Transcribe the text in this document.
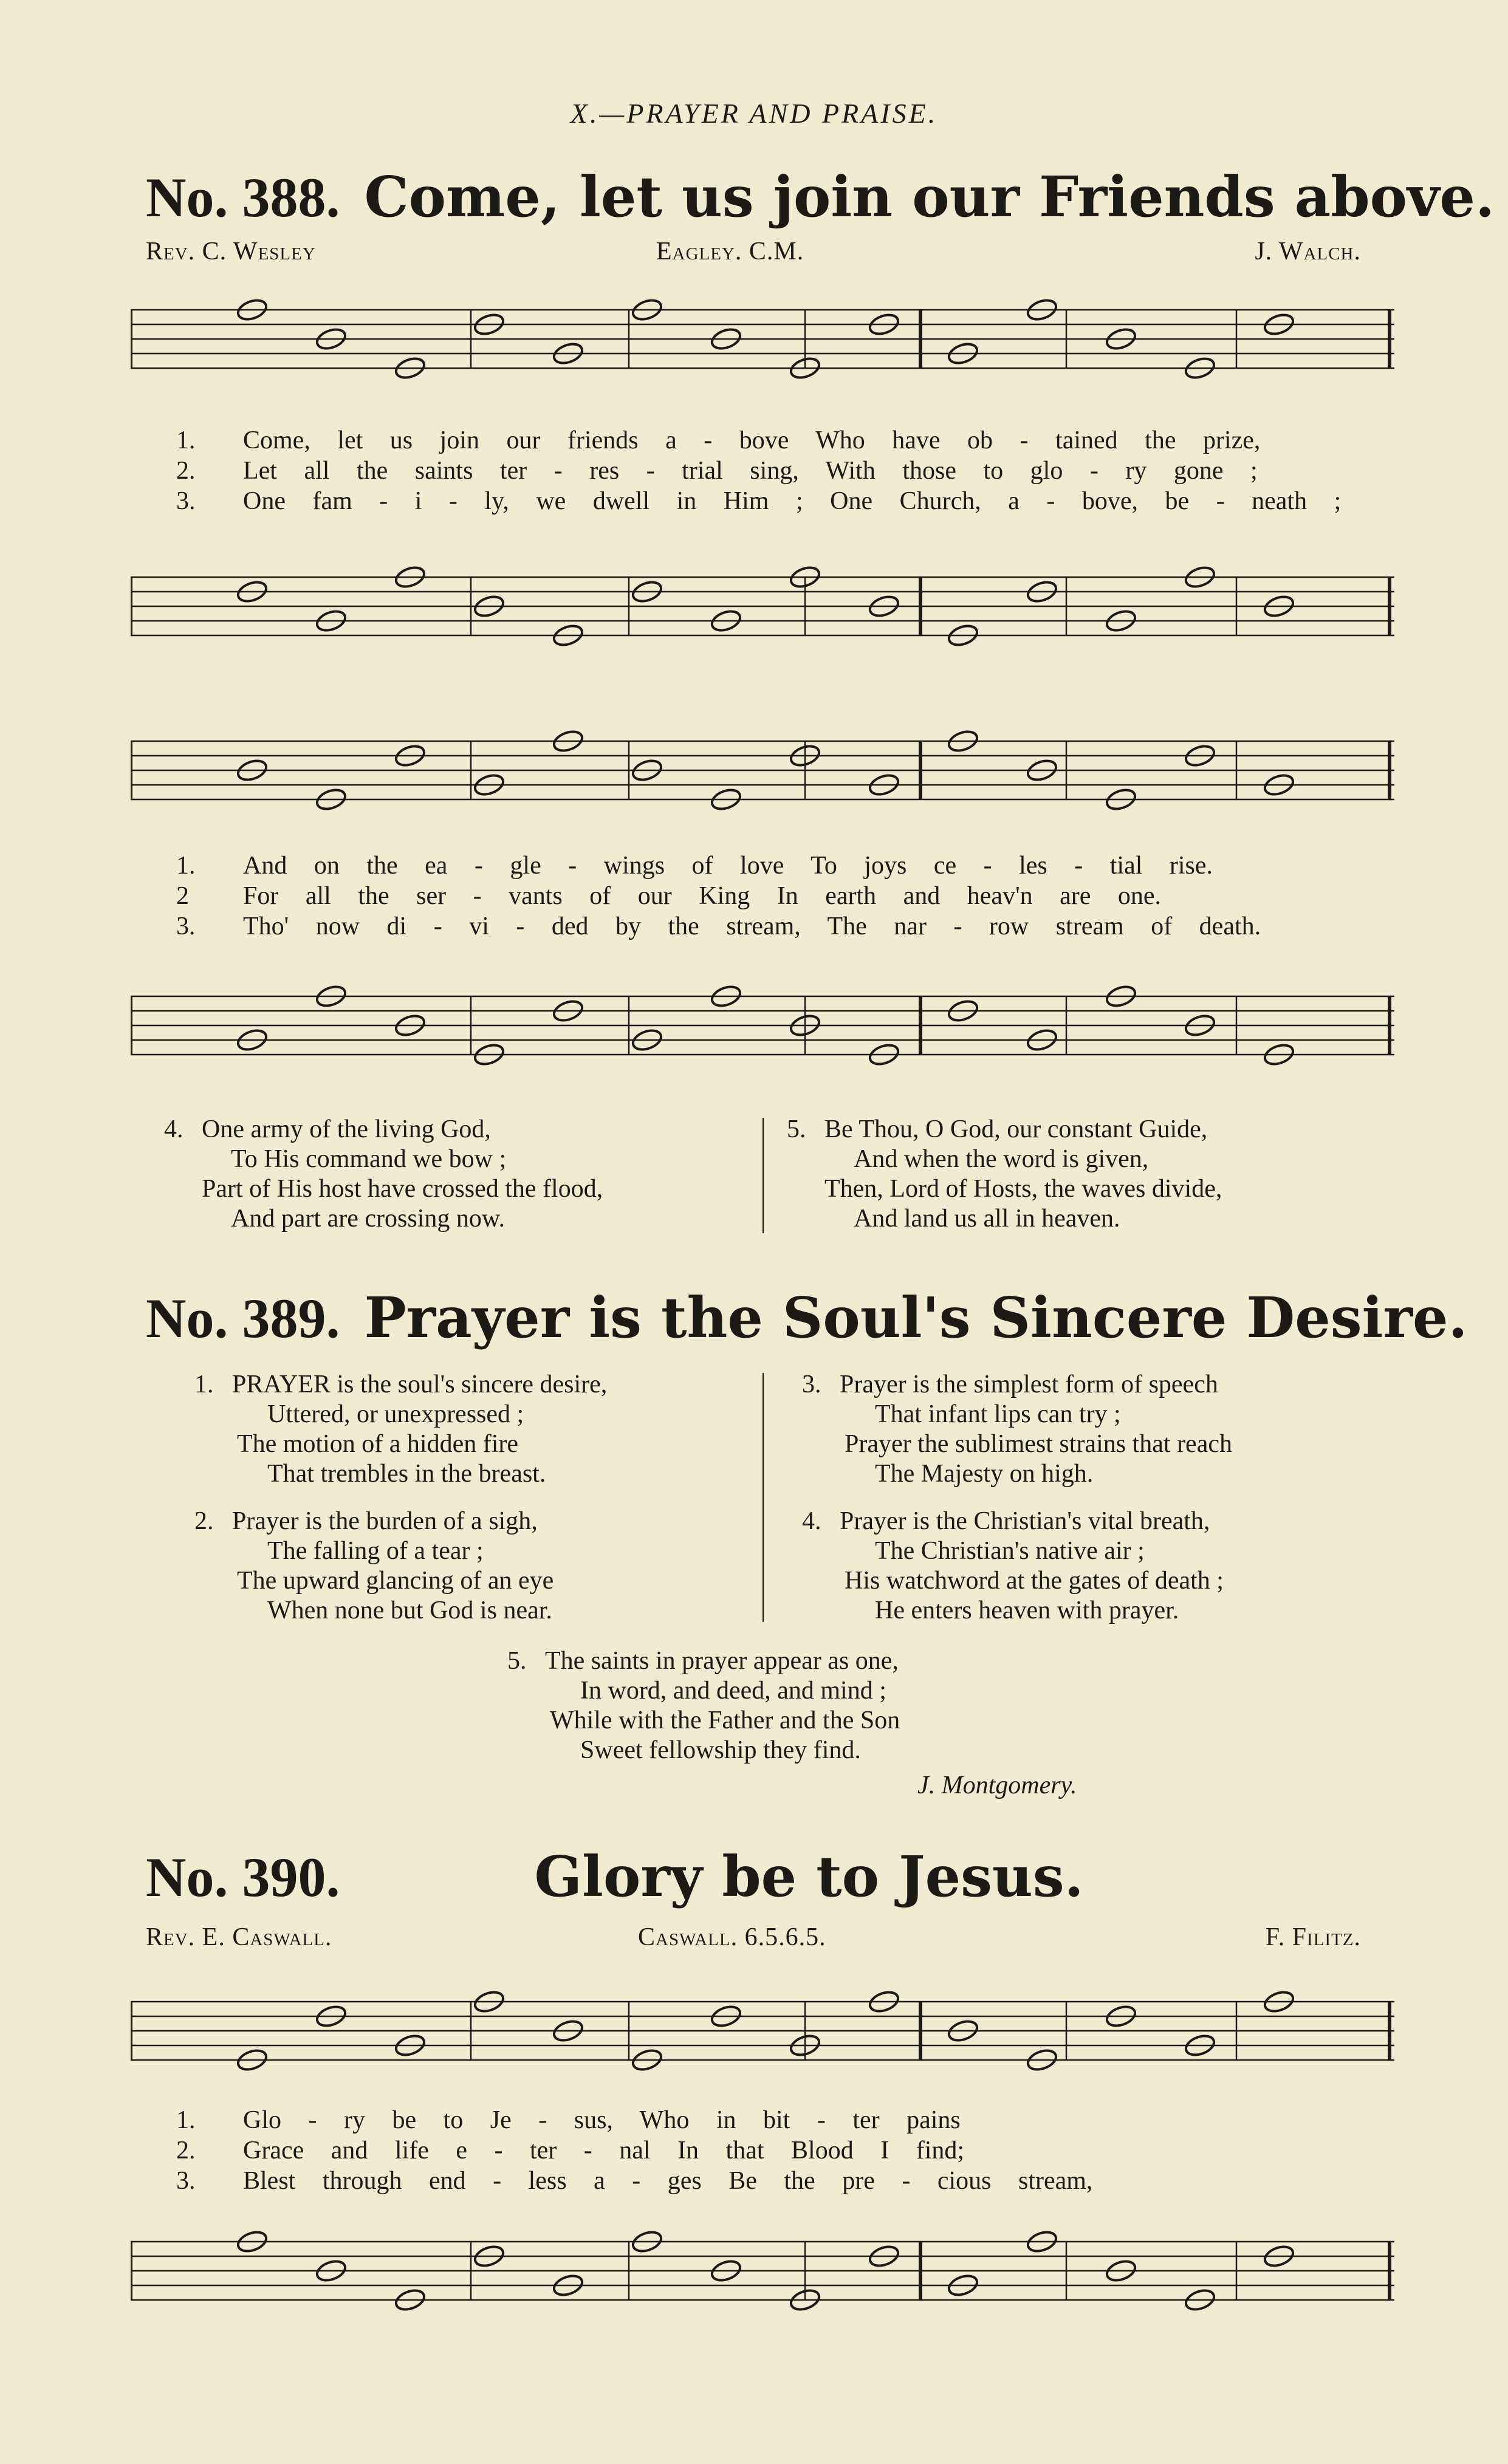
X.—PRAYER AND PRAISE.
No. 388. Come, let us join our Friends above.
Rev. C. Wesley	Eagley. C.M.	J. Walch.
1. Come, let us join our friends a - bove Who have ob - tained the prize,
2. Let all the saints ter - res - trial sing, With those to glo - ry gone ;
3. One fam - i - ly, we dwell in Him ; One Church, a - bove, be - neath ;
1. And on the ea - gle - wings of love To joys ce - les - tial rise.
2 For all the ser - vants of our King In earth and heav'n are one.
3. Tho' now di - vi - ded by the stream, The nar - row stream of death.
4. One army of the living God,
To His command we bow ;
Part of His host have crossed the flood,
And part are crossing now.
5. Be Thou, O God, our constant Guide,
And when the word is given,
Then, Lord of Hosts, the waves divide,
And land us all in heaven.
No. 389. Prayer is the Soul's Sincere Desire.
1. PRAYER is the soul's sincere desire,
Uttered, or unexpressed ;
The motion of a hidden fire
That trembles in the breast.
2. Prayer is the burden of a sigh,
The falling of a tear ;
The upward glancing of an eye
When none but God is near.
3. Prayer is the simplest form of speech
That infant lips can try ;
Prayer the sublimest strains that reach
The Majesty on high.
4. Prayer is the Christian's vital breath,
The Christian's native air ;
His watchword at the gates of death ;
He enters heaven with prayer.
5. The saints in prayer appear as one,
In word, and deed, and mind ;
While with the Father and the Son
Sweet fellowship they find.
J. Montgomery.
No. 390.	Glory be to Jesus.
Rev. E. Caswall.	Caswall. 6.5.6.5.	F. Filitz.
1. Glo - ry be to Je - sus, Who in bit - ter pains
2. Grace and life e - ter - nal In that Blood I find;
3. Blest through end - less a - ges Be the pre - cious stream,
